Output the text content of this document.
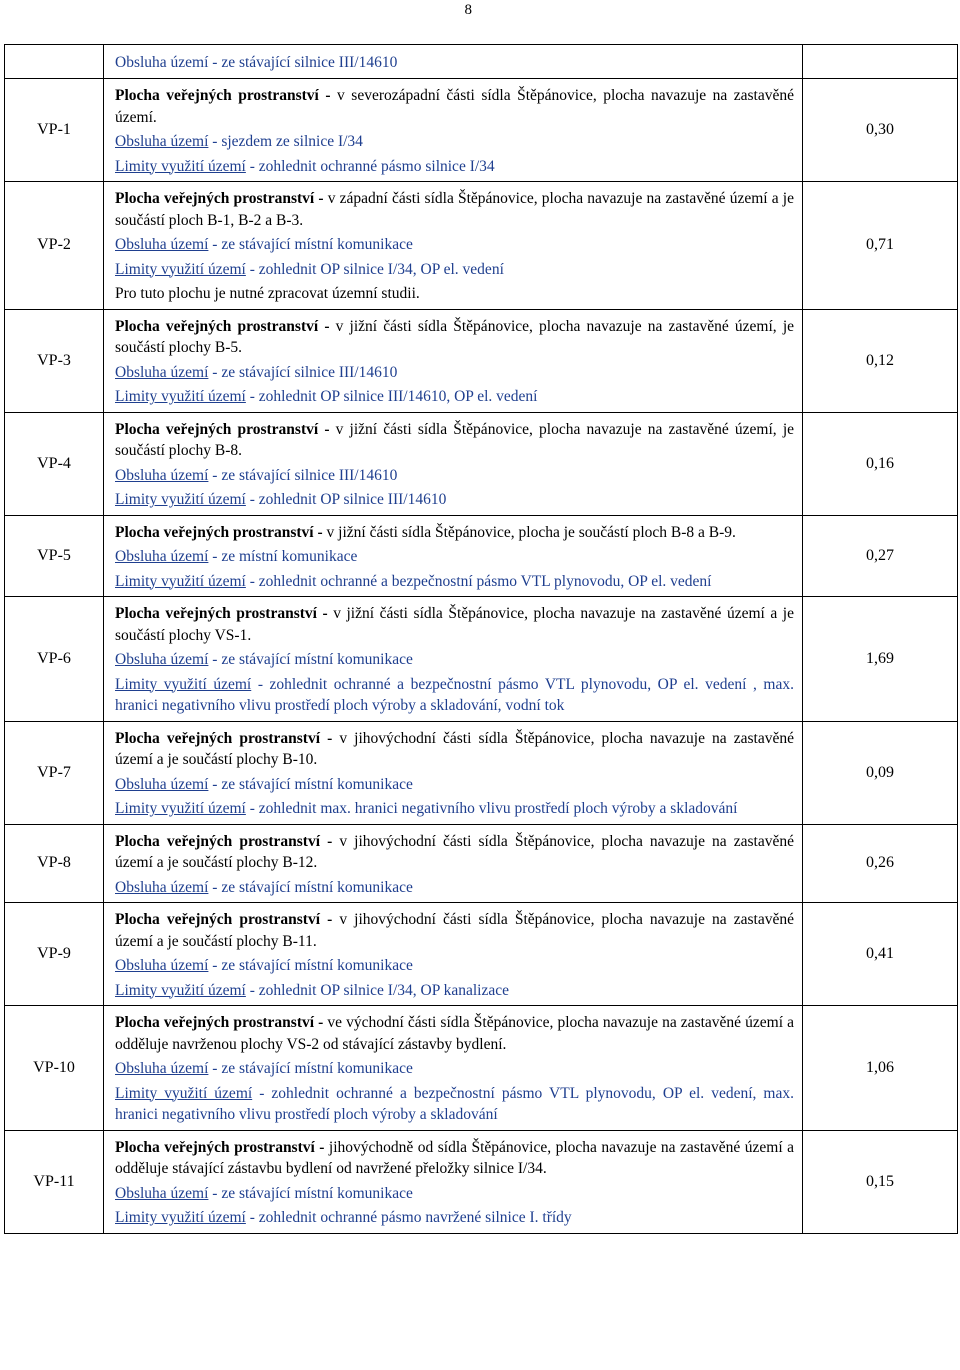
8
	Obsluha území - ze stávající silnice III/14610	
VP-1	Plocha veřejných prostranství - v severozápadní části sídla Štěpánovice, plocha navazuje na zastavěné území.
Obsluha území - sjezdem ze silnice I/34
Limity využití území - zohlednit ochranné pásmo silnice I/34	0,30
VP-2	Plocha veřejných prostranství - v západní části sídla Štěpánovice, plocha navazuje na zastavěné území a je součástí ploch B-1, B-2 a B-3.
Obsluha území - ze stávající místní komunikace
Limity využití území - zohlednit OP silnice I/34, OP el. vedení
Pro tuto plochu je nutné zpracovat územní studii.	0,71
VP-3	Plocha veřejných prostranství - v jižní části sídla Štěpánovice, plocha navazuje na zastavěné území, je součástí plochy B-5.
Obsluha území - ze stávající silnice III/14610
Limity využití území - zohlednit OP silnice III/14610, OP el. vedení	0,12
VP-4	Plocha veřejných prostranství - v jižní části sídla Štěpánovice, plocha navazuje na zastavěné území, je součástí plochy B-8.
Obsluha území - ze stávající silnice III/14610
Limity využití území - zohlednit OP silnice III/14610	0,16
VP-5	Plocha veřejných prostranství - v jižní části sídla Štěpánovice, plocha je součástí ploch B-8 a B-9.
Obsluha území - ze místní komunikace
Limity využití území - zohlednit ochranné a bezpečnostní pásmo VTL plynovodu, OP el. vedení	0,27
VP-6	Plocha veřejných prostranství - v jižní části sídla Štěpánovice, plocha navazuje na zastavěné území a je součástí plochy VS-1.
Obsluha území - ze stávající místní komunikace
Limity využití území - zohlednit ochranné a bezpečnostní pásmo VTL plynovodu, OP el. vedení , max. hranici negativního vlivu prostředí ploch výroby a skladování, vodní tok	1,69
VP-7	Plocha veřejných prostranství - v jihovýchodní části sídla Štěpánovice, plocha navazuje na zastavěné území a je součástí plochy B-10.
Obsluha území - ze stávající místní komunikace
Limity využití území - zohlednit max. hranici negativního vlivu prostředí ploch výroby a skladování	0,09
VP-8	Plocha veřejných prostranství - v jihovýchodní části sídla Štěpánovice, plocha navazuje na zastavěné území a je součástí plochy B-12.
Obsluha území - ze stávající místní komunikace	0,26
VP-9	Plocha veřejných prostranství - v jihovýchodní části sídla Štěpánovice, plocha navazuje na zastavěné území a je součástí plochy B-11.
Obsluha území - ze stávající místní komunikace
Limity využití území - zohlednit OP silnice I/34, OP kanalizace	0,41
VP-10	Plocha veřejných prostranství - ve východní části sídla Štěpánovice, plocha navazuje na zastavěné území a odděluje navrženou plochy VS-2 od stávající zástavby bydlení.
Obsluha území - ze stávající místní komunikace
Limity využití území - zohlednit ochranné a bezpečnostní pásmo VTL plynovodu, OP el. vedení, max. hranici negativního vlivu prostředí ploch výroby a skladování	1,06
VP-11	Plocha veřejných prostranství - jihovýchodně od sídla Štěpánovice, plocha navazuje na zastavěné území a odděluje stávající zástavbu bydlení od navržené přeložky silnice I/34.
Obsluha území - ze stávající místní komunikace
Limity využití území - zohlednit ochranné pásmo navržené silnice I. třídy	0,15
